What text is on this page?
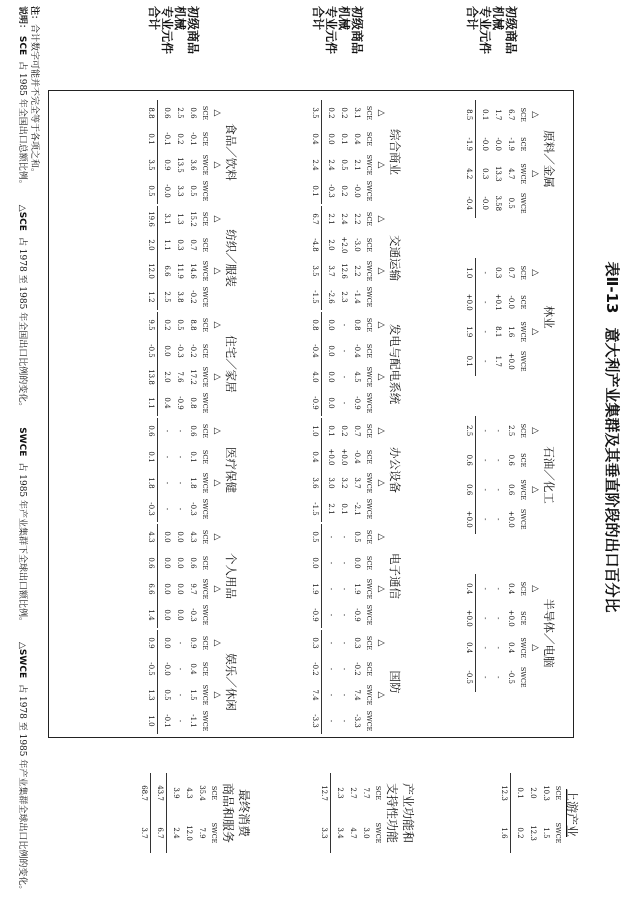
表Ⅱ-13意大利产业集群及其垂直阶段的出口百分比
初级商品
机械
专业元件
合计
初级商品
机械
专业元件
合计
初级商品
机械
专业元件
合计
原料／金属
△
△
SCE
SCE
SWCE
SWCE
6.7
-1.9
4.7
0.5
1.7
-0.0
13.3
3.58
0.1
-0.0
0.3
-0.0
8.5
-1.9
4.2
-0.4
林业
△
△
SCE
SCE
SWCE
SWCE
0.7
-0.0
1.6
+0.0
0.3
+0.1
8.1
1.7
-
-
-
-
1.0
+0.0
1.9
0.1
石油／化工
△
△
SCE
SCE
SWCE
SWCE
2.5
0.6
0.6
+0.0
-
-
-
-
-
-
-
-
2.5
0.6
0.6
+0.0
半导体／电脑
△
△
SCE
SCE
SWCE
SWCE
0.4
+0.0
0.4
-0.5
-
-
-
-
-
-
-
-
0.4
+0.0
0.4
-0.5
综合商业
△
△
SCE
SCE
SWCE
SWCE
3.1
0.4
2.1
-0.0
0.2
0.1
0.5
0.2
0.2
0.0
2.4
-0.3
3.5
0.4
2.4
0.1
交通运输
△
△
SCE
SCE
SWCE
SWCE
2.2
-3.0
2.2
-1.4
2.4
+2.0
12.6
2.3
2.1
2.0
3.7
-2.6
6.7
-4.8
3.5
-1.5
发电与配电系统
△
△
SCE
SCE
SWCE
SWCE
0.8
-0.4
4.5
-0.9
-
-
-
-
0.0
0.0
0.0
0.0
0.8
-0.4
4.0
-0.9
办公设备
△
△
SCE
SCE
SWCE
SWCE
0.7
-0.4
3.7
-2.1
0.2
+0.0
3.2
0.1
0.1
+0.0
3.0
2.1
1.0
0.4
3.6
-1.5
电子通信
△
△
SCE
SCE
SWCE
SWCE
0.5
0.0
1.9
-0.9
-
-
-
-
-
-
-
-
0.5
0.0
1.9
-0.9
国防
△
△
SCE
SCE
SWCE
SWCE
0.3
-0.2
7.4
-3.3
-
-
-
-
-
-
-
-
0.3
-0.2
7.4
-3.3
食品／饮料
△
△
SCE
SCE
SWCE
SWCE
0.6
-0.1
3.6
0.5
2.5
0.2
13.5
3.3
0.6
-0.1
0.9
-0.0
8.8
0.1
3.5
0.5
纺织／服装
△
△
SCE
SCE
SWCE
SWCE
15.2
0.7
14.6
-0.2
1.3
0.3
11.9
3.8
3.1
1.1
6.6
2.5
19.6
2.0
12.0
1.2
住宅／家居
△
△
SCE
SCE
SWCE
SWCE
8.8
-0.2
17.2
0.8
0.5
-0.3
7.6
-0.9
0.2
0.0
2.0
0.4
9.5
-0.5
13.8
1.1
医疗保健
△
△
SCE
SCE
SWCE
SWCE
0.6
0.1
1.8
-0.3
-
-
-
-
-
-
-
-
0.6
0.1
1.8
-0.3
个人用品
△
△
SCE
SCE
SWCE
SWCE
4.3
0.6
9.7
-0.3
0.0
0.0
0.0
0.0
0.0
0.0
0.0
0.0
4.3
0.6
6.6
1.4
娱乐／休闲
△
△
SCE
SCE
SWCE
SWCE
0.9
0.4
1.5
-1.1
-
-
-
-
0.0
-0.0
0.5
-0.1
0.9
-0.5
1.3
1.0
上游产业
SCE
SWCE
10.3
1.5
2.0
12.3
0.1
0.2
12.3
1.6
产业功能和
支持性功能
SCE
SWCE
7.7
3.0
2.7
4.7
2.3
3.4
12.7
3.3
最终消费
商品和服务
SCE
SWCE
35.4
7.9
4.3
12.0
3.9
2.4
43.7
6.7
68.7
3.7
注：合计数字可能并不完全等于各项之和。
说明： SCE占 1985 年全国出口总额比例。△SCE占 1978 至 1985 年全国出口比例的变化。SWCE占 1985 年产业集群下全球出口额比例。△SWCE占 1978 至 1985 年产业集群全球出口比例的变化。
